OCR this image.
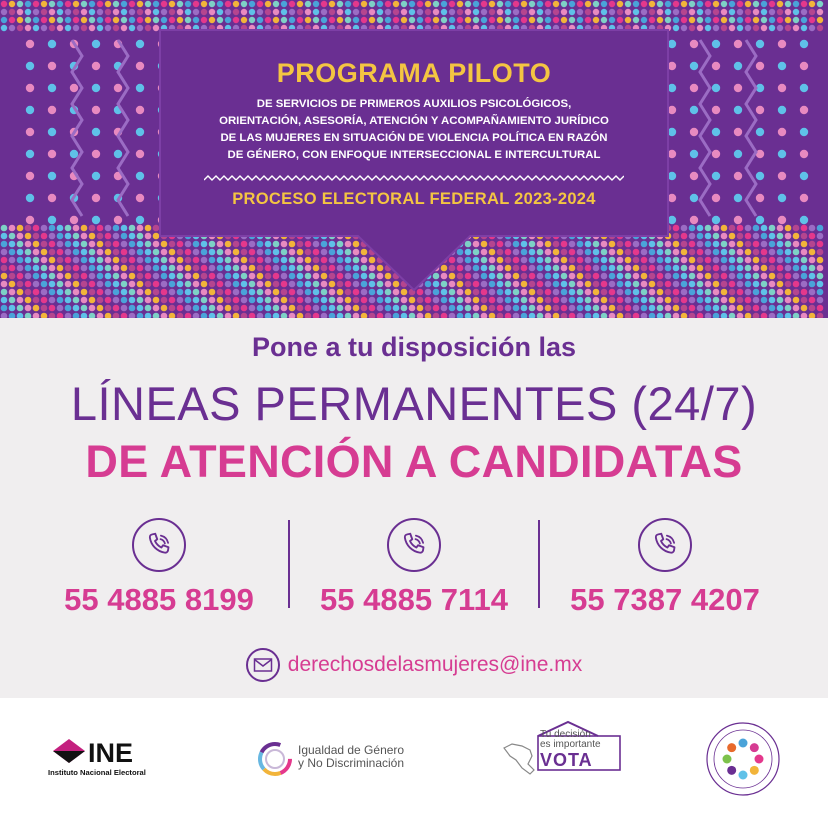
PROGRAMA PILOTO
DE SERVICIOS DE PRIMEROS AUXILIOS PSICOLÓGICOS,
ORIENTACIÓN, ASESORÍA, ATENCIÓN Y ACOMPAÑAMIENTO JURÍDICO
DE LAS MUJERES EN SITUACIÓN DE VIOLENCIA POLÍTICA EN RAZÓN
DE GÉNERO, CON ENFOQUE INTERSECCIONAL E INTERCULTURAL
PROCESO ELECTORAL FEDERAL 2023-2024
Pone a tu disposición las
LÍNEAS PERMANENTES (24/7)
DE ATENCIÓN A CANDIDATAS
55 4885 8199	55 4885 7114	55 7387 4207
derechosdelasmujeres@ine.mx
INE
Instituto Nacional Electoral
Igualdad de Género
y No Discriminación
Tu decisión
es importante
VOTA
